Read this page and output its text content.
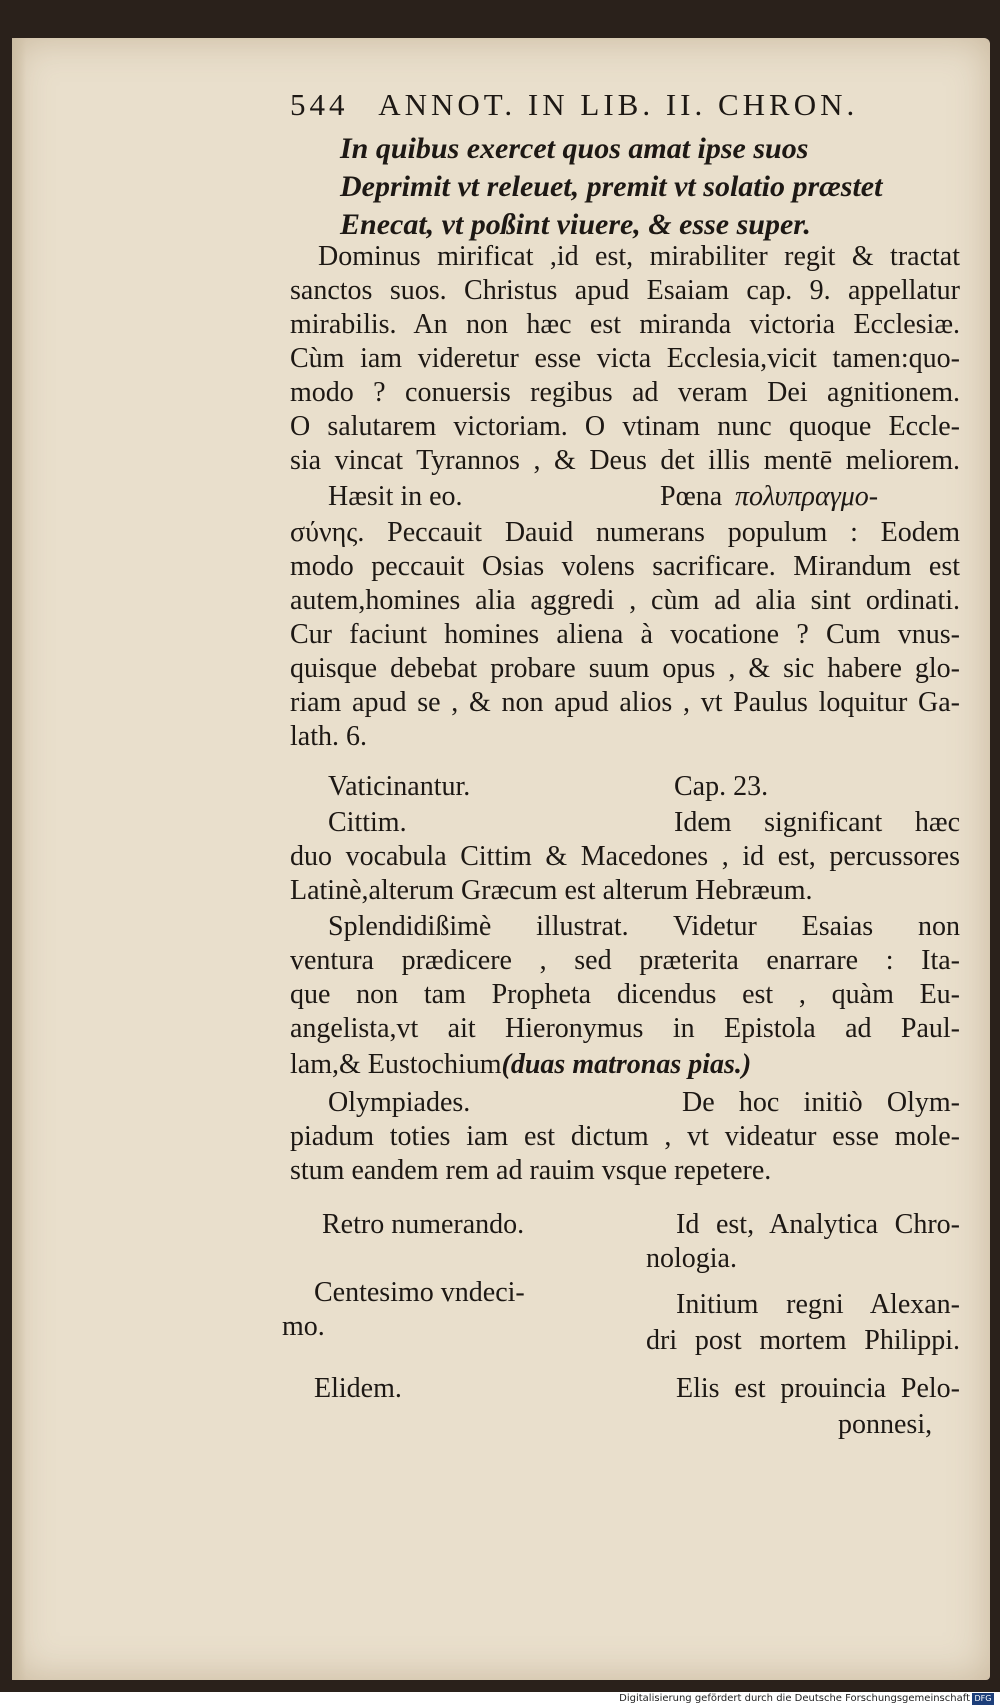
544 ANNOT. IN LIB. II. CHRON.
In quibus exercet quos amat ipse suos
Deprimit vt releuet, premit vt solatio præstet
Enecat, vt poßint viuere, & esse super.
Dominus mirificat ,id est, mirabiliter regit & tractat
sanctos suos. Christus apud Esaiam cap. 9. appellatur
mirabilis. An non hæc est miranda victoria Ecclesiæ.
Cùm iam videretur esse victa Ecclesia,vicit tamen:quo-
modo ? conuersis regibus ad veram Dei agnitionem.
O salutarem victoriam. O vtinam nunc quoque Eccle-
sia vincat Tyrannos , & Deus det illis mentē meliorem.
Hæsit in eo.	Pœna πολυπραγμο-
σύνης. Peccauit Dauid numerans populum : Eodem
modo peccauit Osias volens sacrificare. Mirandum est
autem,homines alia aggredi , cùm ad alia sint ordinati.
Cur faciunt homines aliena à vocatione ? Cum vnus-
quisque debebat probare suum opus , & sic habere glo-
riam apud se , & non apud alios , vt Paulus loquitur Ga-
lath. 6.
Vaticinantur.	Cap. 23.
Cittim.	Idem significant hæc
duo vocabula Cittim & Macedones , id est, percussores
Latinè,alterum Græcum est alterum Hebræum.
Splendidißimè illustrat. Videtur Esaias non
ventura prædicere , sed præterita enarrare : Ita-
que non tam Propheta dicendus est , quàm Eu-
angelista,vt ait Hieronymus in Epistola ad Paul-
lam,& Eustochium(duas matronas pias.)
Olympiades.	De hoc initiò Olym-
piadum toties iam est dictum , vt videatur esse mole-
stum eandem rem ad rauim vsque repetere.
Retro numerando.	Id est, Analytica Chro-
nologia.
Centesimo vndeci-	Initium regni Alexan-
mo.	dri post mortem Philippi.
Elidem.	Elis est prouincia Pelo-
ponnesi,
Digitalisierung gefördert durch die Deutsche Forschungsgemeinschaft DFG
